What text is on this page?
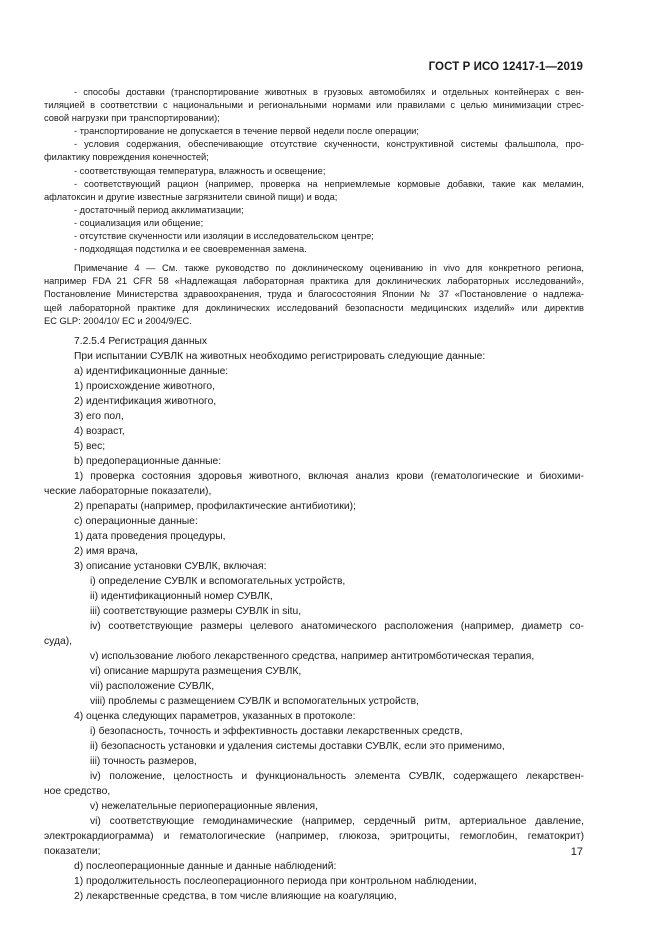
ГОСТ Р ИСО 12417-1—2019
- способы доставки (транспортирование животных в грузовых автомобилях и отдельных контейнерах с вен-
тиляцией в соответствии с национальными и региональными нормами или правилами с целью минимизации стрес-
совой нагрузки при транспортировании);
- транспортирование не допускается в течение первой недели после операции;
- условия содержания, обеспечивающие отсутствие скученности, конструктивной системы фальшпола, про-
филактику повреждения конечностей;
- соответствующая температура, влажность и освещение;
- соответствующий рацион (например, проверка на неприемлемые кормовые добавки, такие как меламин,
афлатоксин и другие известные загрязнители свиной пищи) и вода;
- достаточный период акклиматизации;
- социализация или общение;
- отсутствие скученности или изоляции в исследовательском центре;
- подходящая подстилка и ее своевременная замена.
Примечание 4 — См. также руководство по доклиническому оцениванию in vivo для конкретного региона,
например FDA 21 CFR 58 «Надлежащая лабораторная практика для доклинических лабораторных исследований»,
Постановление Министерства здравоохранения, труда и благосостояния Японии № 37 «Постановление о надлежа-
щей лабораторной практике для доклинических исследований безопасности медицинских изделий» или директив
EC GLP: 2004/10/ EC и 2004/9/EC.
7.2.5.4 Регистрация данных
При испытании СУВЛК на животных необходимо регистрировать следующие данные:
a) идентификационные данные:
1) происхождение животного,
2) идентификация животного,
3) его пол,
4) возраст,
5) вес;
b) предоперационные данные:
1) проверка состояния здоровья животного, включая анализ крови (гематологические и биохими-
ческие лабораторные показатели),
2) препараты (например, профилактические антибиотики);
c) операционные данные:
1) дата проведения процедуры,
2) имя врача,
3) описание установки СУВЛК, включая:
i) определение СУВЛК и вспомогательных устройств,
ii) идентификационный номер СУВЛК,
iii) соответствующие размеры СУВЛК in situ,
iv) соответствующие размеры целевого анатомического расположения (например, диаметр со-
суда),
v) использование любого лекарственного средства, например антитромботическая терапия,
vi) описание маршрута размещения СУВЛК,
vii) расположение СУВЛК,
viii) проблемы с размещением СУВЛК и вспомогательных устройств,
4) оценка следующих параметров, указанных в протоколе:
i) безопасность, точность и эффективность доставки лекарственных средств,
ii) безопасность установки и удаления системы доставки СУВЛК, если это применимо,
iii) точность размеров,
iv) положение, целостность и функциональность элемента СУВЛК, содержащего лекарствен-
ное средство,
v) нежелательные периоперационные явления,
vi) соответствующие гемодинамические (например, сердечный ритм, артериальное давление,
электрокардиограмма) и гематологические (например, глюкоза, эритроциты, гемоглобин, гематокрит)
показатели;
d) послеоперационные данные и данные наблюдений:
1) продолжительность послеоперационного периода при контрольном наблюдении,
2) лекарственные средства, в том числе влияющие на коагуляцию,
17
